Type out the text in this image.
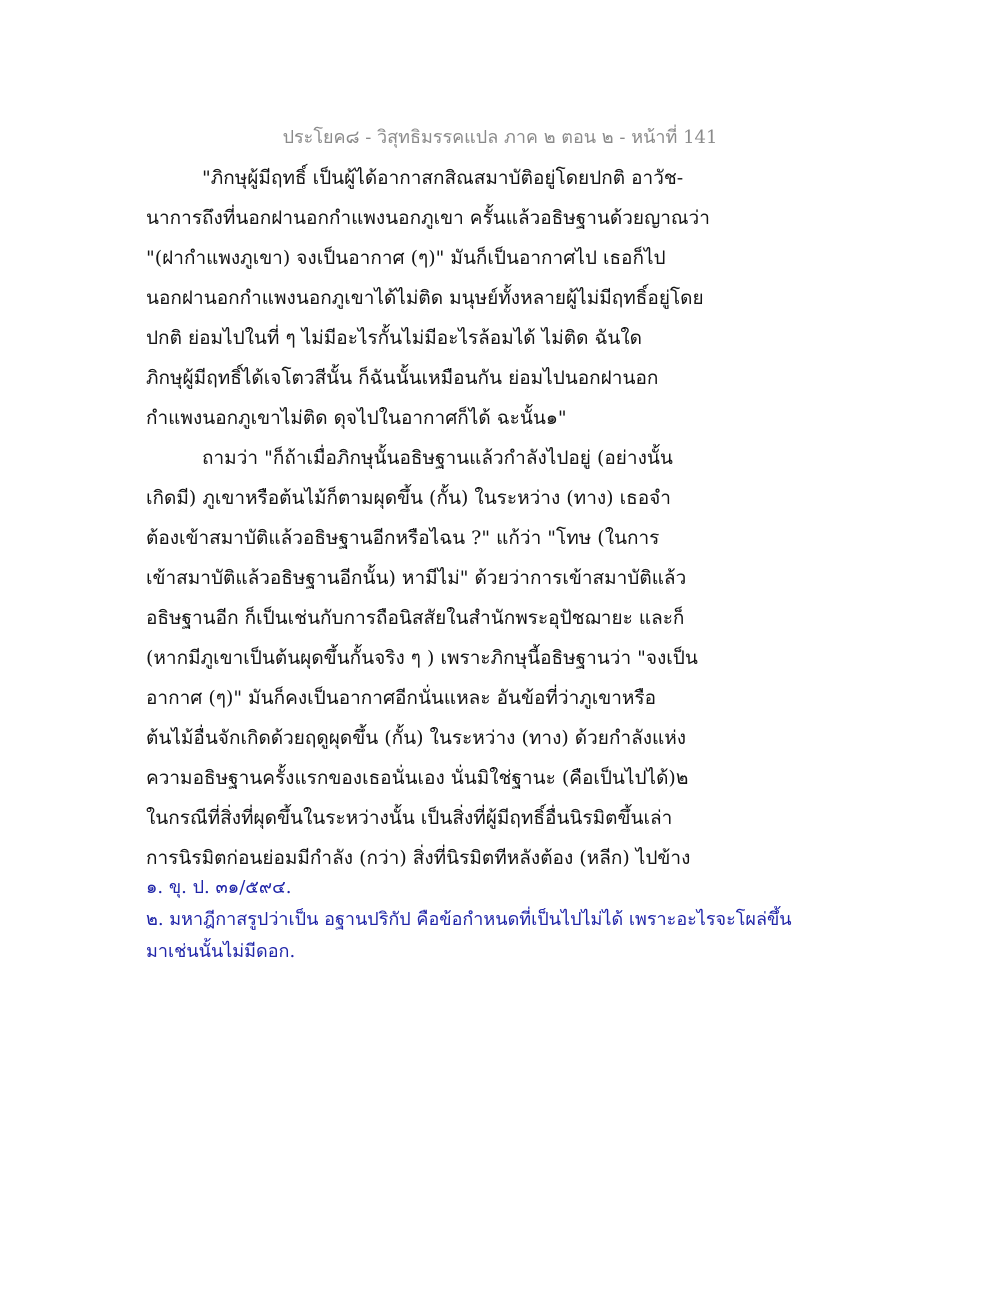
ประโยค๘ - วิสุทธิมรรคแปล ภาค ๒ ตอน ๒ - หน้าที่ 141
"ภิกษุผู้มีฤทธิ์ เป็นผู้ได้อากาสกสิณสมาบัติอยู่โดยปกติ อาวัช-
นาการถึงที่นอกฝานอกกำแพงนอกภูเขา ครั้นแล้วอธิษฐานด้วยญาณว่า
"(ฝากำแพงภูเขา) จงเป็นอากาศ (ๆ)" มันก็เป็นอากาศไป เธอก็ไป
นอกฝานอกกำแพงนอกภูเขาได้ไม่ติด มนุษย์ทั้งหลายผู้ไม่มีฤทธิ์อยู่โดย
ปกติ ย่อมไปในที่ ๆ ไม่มีอะไรกั้นไม่มีอะไรล้อมได้ ไม่ติด ฉันใด
ภิกษุผู้มีฤทธิ์ได้เจโตวสีนั้น ก็ฉันนั้นเหมือนกัน ย่อมไปนอกฝานอก
กำแพงนอกภูเขาไม่ติด ดุจไปในอากาศก็ได้ ฉะนั้น๑"
ถามว่า "ก็ถ้าเมื่อภิกษุนั้นอธิษฐานแล้วกำลังไปอยู่ (อย่างนั้น
เกิดมี) ภูเขาหรือต้นไม้ก็ตามผุดขึ้น (กั้น) ในระหว่าง (ทาง) เธอจำ
ต้องเข้าสมาบัติแล้วอธิษฐานอีกหรือไฉน ?" แก้ว่า "โทษ (ในการ
เข้าสมาบัติแล้วอธิษฐานอีกนั้น) หามีไม่" ด้วยว่าการเข้าสมาบัติแล้ว
อธิษฐานอีก ก็เป็นเช่นกับการถือนิสสัยในสำนักพระอุปัชฌายะ และก็
(หากมีภูเขาเป็นต้นผุดขึ้นกั้นจริง ๆ ) เพราะภิกษุนี้อธิษฐานว่า "จงเป็น
อากาศ (ๆ)" มันก็คงเป็นอากาศอีกนั่นแหละ อันข้อที่ว่าภูเขาหรือ
ต้นไม้อื่นจักเกิดด้วยฤดูผุดขึ้น (กั้น) ในระหว่าง (ทาง) ด้วยกำลังแห่ง
ความอธิษฐานครั้งแรกของเธอนั่นเอง นั่นมิใช่ฐานะ (คือเป็นไปได้)๒
ในกรณีที่สิ่งที่ผุดขึ้นในระหว่างนั้น เป็นสิ่งที่ผู้มีฤทธิ์อื่นนิรมิตขึ้นเล่า
การนิรมิตก่อนย่อมมีกำลัง (กว่า) สิ่งที่นิรมิตทีหลังต้อง (หลีก) ไปข้าง
๑. ขุ. ป. ๓๑/๕๙๔.
๒. มหาฎีกาสรูปว่าเป็น อฐานปริกัป คือข้อกำหนดที่เป็นไปไม่ได้ เพราะอะไรจะโผล่ขึ้น
มาเช่นนั้นไม่มีดอก.
